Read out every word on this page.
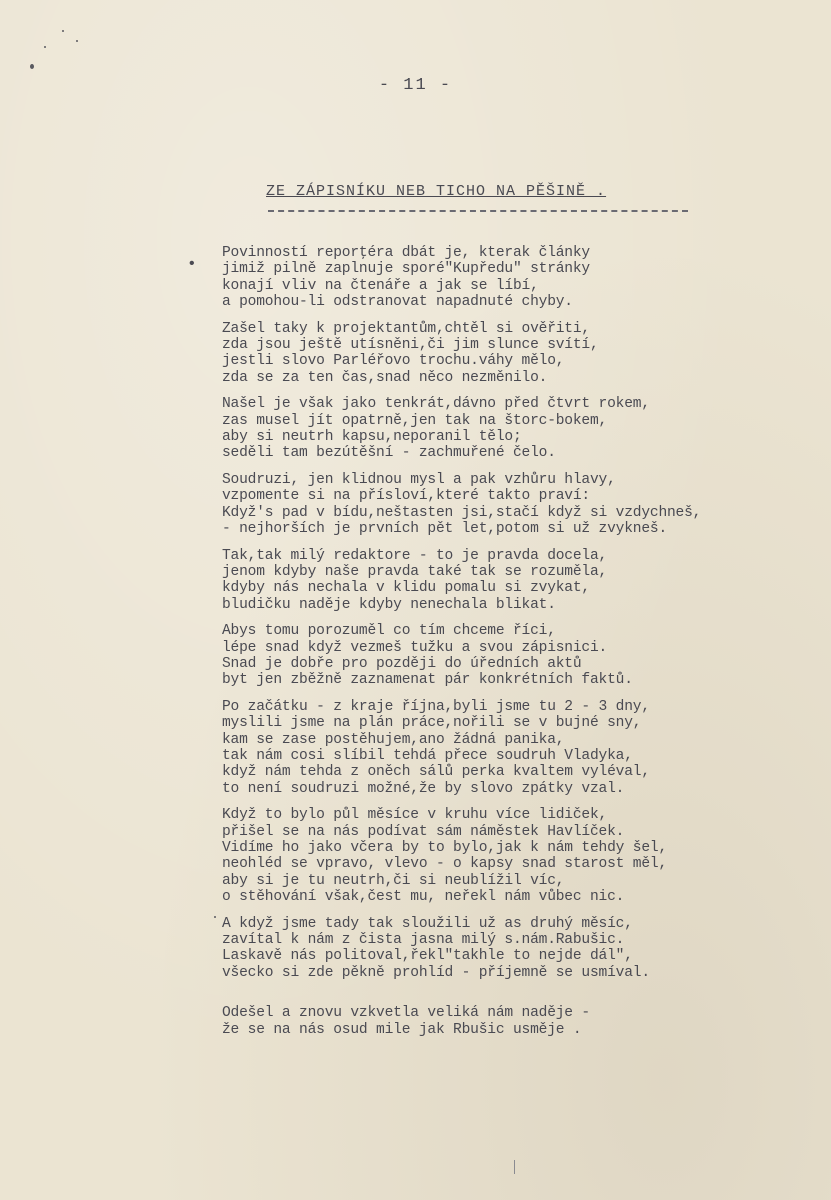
- 11 -
ZE ZÁPISNÍKU NEB TICHO NA PĚŠINĚ .
•
Povinností reporţéra dbát je, kterak články
jimiž pilně zaplnuje sporé"Kupředu" stránky
konají vliv na čtenáře a jak se líbí,
a pomohou-li odstranovat napadnuté chyby.
Zašel taky k projektantům,chtěl si ověřiti,
zda jsou ještě utísněni,či jim slunce svítí,
jestli slovo Parléřovo trochu.váhy mělo,
zda se za ten čas,snad něco nezměnilo.
Našel je však jako tenkrát,dávno před čtvrt rokem,
zas musel jít opatrně,jen tak na štorc-bokem,
aby si neutrh kapsu,neporanil tělo;
seděli tam bezútěšní - zachmuřené čelo.
Soudruzi, jen klidnou mysl a pak vzhůru hlavy,
vzpomente si na přísloví,které takto praví:
Když's pad v bídu,neštasten jsi,stačí když si vzdychneš,
- nejhorších je prvních pět let,potom si už zvykneš.
Tak,tak milý redaktore - to je pravda docela,
jenom kdyby naše pravda také tak se rozuměla,
kdyby nás nechala v klidu pomalu si zvykat,
bludičku naděje kdyby nenechala blikat.
Abys tomu porozuměl co tím chceme říci,
lépe snad když vezmeš tužku a svou zápisnici.
Snad je dobře pro později do úředních aktů
byt jen zběžně zaznamenat pár konkrétních faktů.
Po začátku - z kraje října,byli jsme tu 2 - 3 dny,
myslili jsme na plán práce,nořili se v bujné sny,
kam se zase postěhujem,ano žádná panika,
tak nám cosi slíbil tehdá přece soudruh Vladyka,
když nám tehda z oněch sálů perka kvaltem vyléval,
to není soudruzi možné,že by slovo zpátky vzal.
Když to bylo půl měsíce v kruhu více lidiček,
přišel se na nás podívat sám náměstek Havlíček.
Vidíme ho jako včera by to bylo,jak k nám tehdy šel,
neohléd se vpravo, vlevo - o kapsy snad starost měl,
aby si je tu neutrh,či si neublížil víc,
o stěhování však,čest mu, neřekl nám vůbec nic.
A když jsme tady tak sloužili už as druhý měsíc,
zavítal k nám z čista jasna milý s.nám.Rabušic.
Laskavě nás politoval,řekl"takhle to nejde dál",
všecko si zde pěkně prohlíd - příjemně se usmíval.
Odešel a znovu vzkvetla veliká nám naděje -
že se na nás osud mile jak Rbušic usměje .
